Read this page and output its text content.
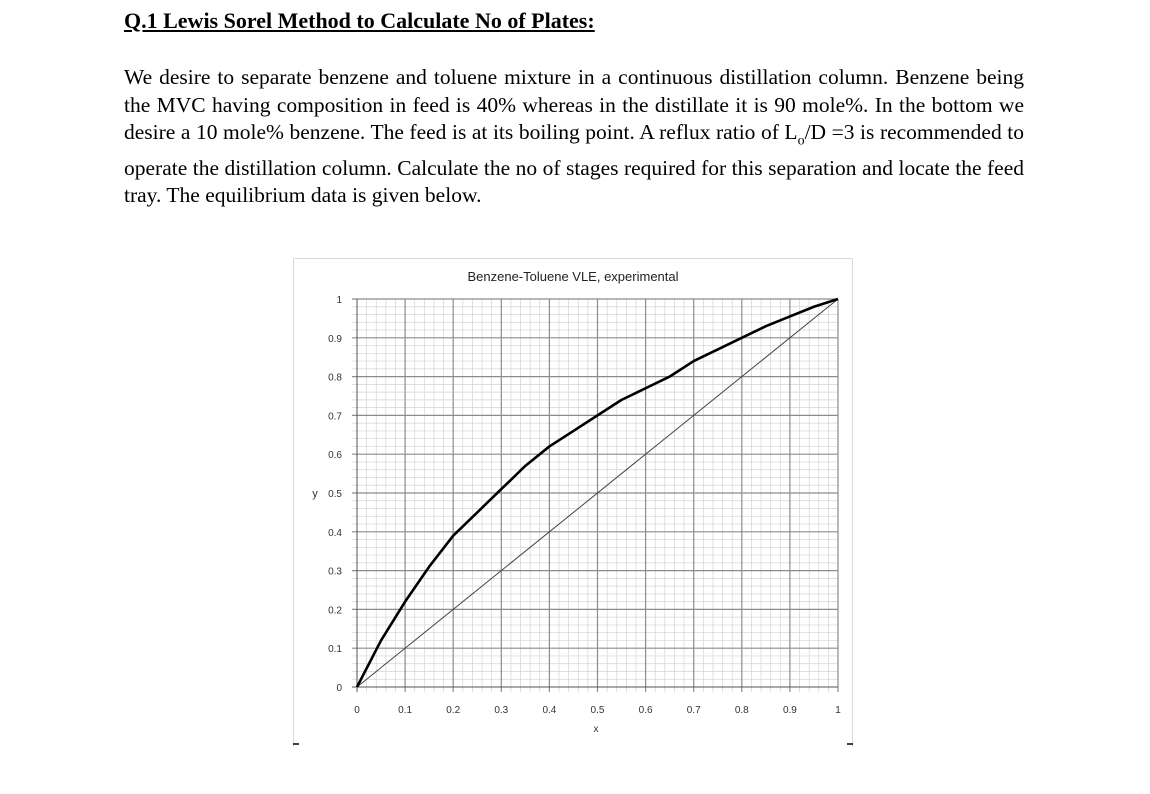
Q.1 Lewis Sorel Method to Calculate No of Plates:
We desire to separate benzene and toluene mixture in a continuous distillation column. Benzene being the MVC having composition in feed is 40% whereas in the distillate it is 90 mole%. In the bottom we desire a 10 mole% benzene. The feed is at its boiling point. A reflux ratio of $L_o/D =3$ is recommended to operate the distillation column. Calculate the no of stages required for this separation and locate the feed tray. The equilibrium data is given below.
0	0.1	0.2	0.3	0.4	0.5	0.6	0.7	0.8	0.9	1
0
0.1
0.2
0.3
0.4
0.5
0.6
0.7
0.8
0.9
1
Benzene-Toluene VLE, experimental
x
y
